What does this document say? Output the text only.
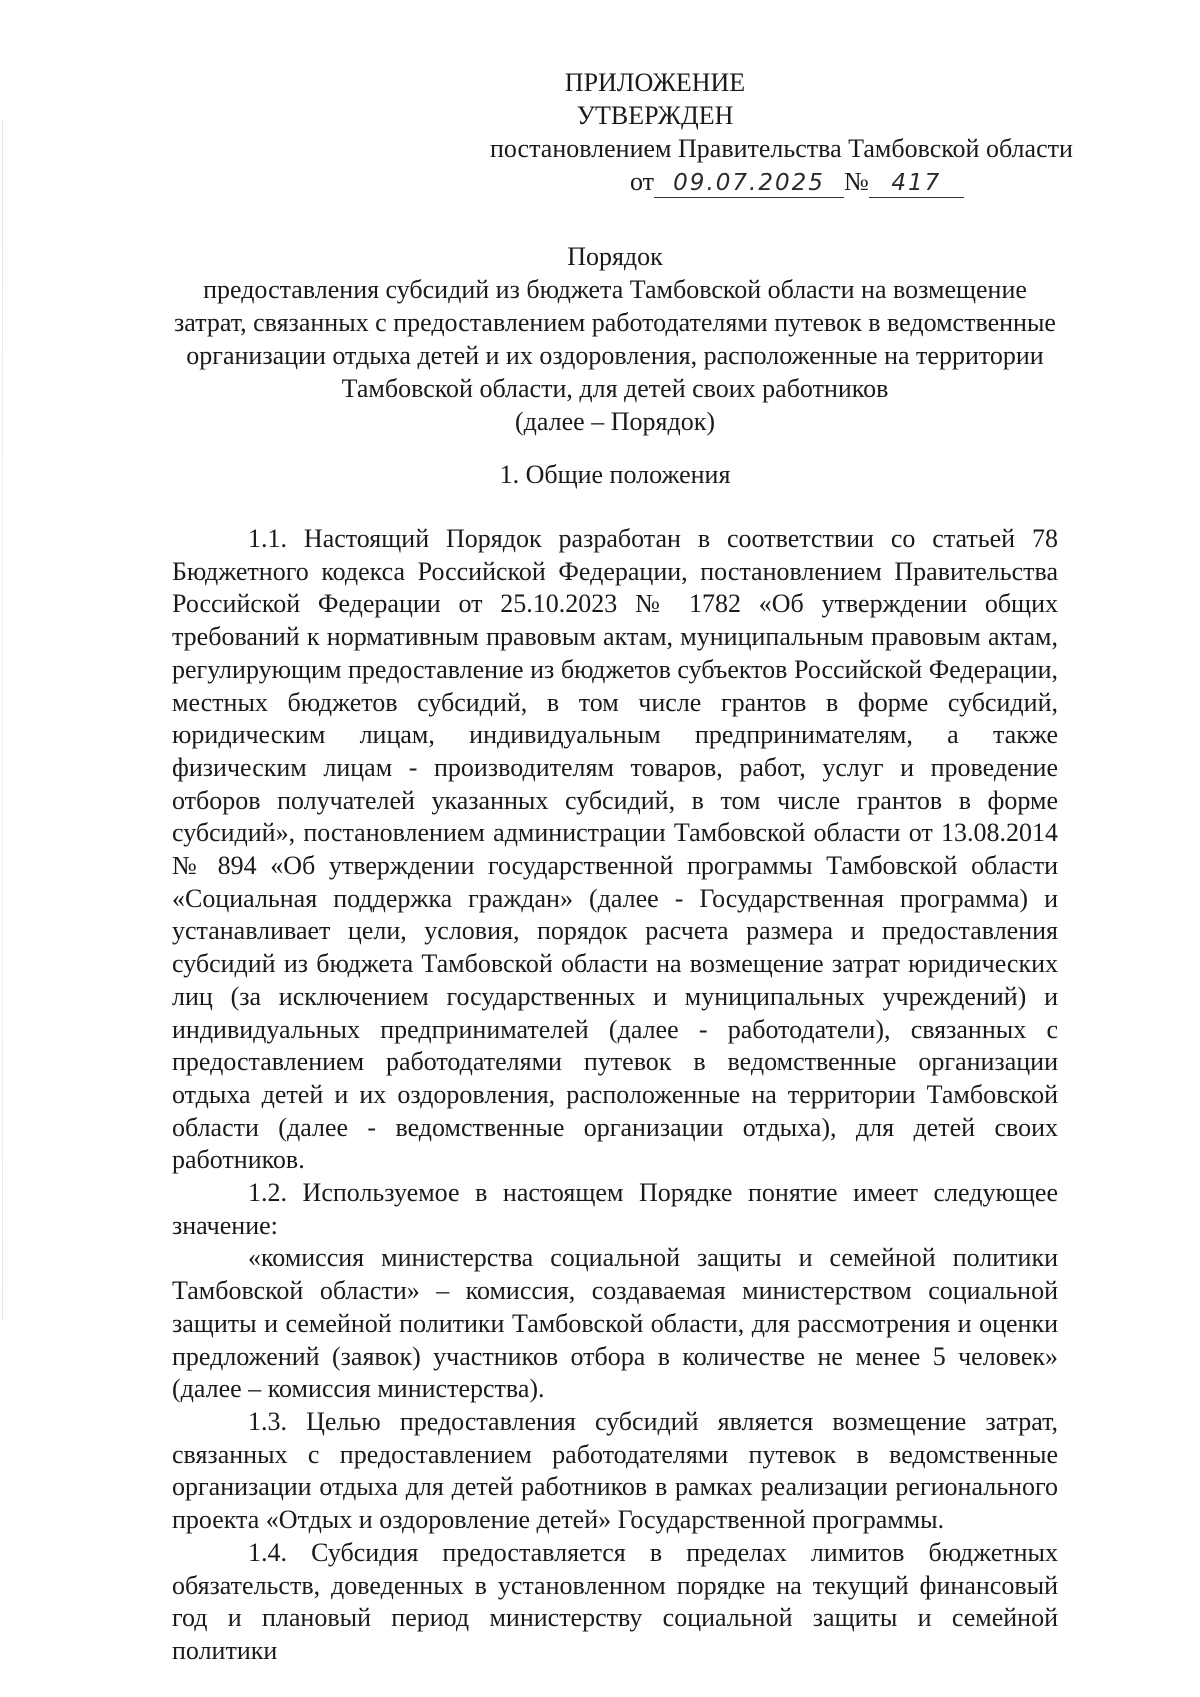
ПРИЛОЖЕНИЕ
УТВЕРЖДЕН
постановлением Правительства Тамбовской области
от 09.07.2025 № 417
Порядок
предоставления субсидий из бюджета Тамбовской области на возмещение
затрат, связанных с предоставлением работодателями путевок в ведомственные
организации отдыха детей и их оздоровления, расположенные на территории
Тамбовской области, для детей своих работников
(далее – Порядок)
1. Общие положения

1.1. Настоящий Порядок разработан в соответствии со статьей 78 Бюджетного кодекса Российской Федерации, постановлением Правительства Российской Федерации от 25.10.2023 № 1782 «Об утверждении общих требований к нормативным правовым актам, муниципальным правовым актам, регулирующим предоставление из бюджетов субъектов Российской Федерации, местных бюджетов субсидий, в том числе грантов в форме субсидий, юридическим лицам, индивидуальным предпринимателям, а также физическим лицам - производителям товаров, работ, услуг и проведение отборов получателей указанных субсидий, в том числе грантов в форме субсидий», постановлением администрации Тамбовской области от 13.08.2014 № 894 «Об утверждении государственной программы Тамбовской области «Социальная поддержка граждан» (далее - Государственная программа) и устанавливает цели, условия, порядок расчета размера и предоставления субсидий из бюджета Тамбовской области на возмещение затрат юридических лиц (за исключением государственных и муниципальных учреждений) и индивидуальных предпринимателей (далее - работодатели), связанных с предоставлением работодателями путевок в ведомственные организации отдыха детей и их оздоровления, расположенные на территории Тамбовской области (далее - ведомственные организации отдыха), для детей своих работников.

1.2. Используемое в настоящем Порядке понятие имеет следующее значение:

«комиссия министерства социальной защиты и семейной политики Тамбовской области» – комиссия, создаваемая министерством социальной защиты и семейной политики Тамбовской области, для рассмотрения и оценки предложений (заявок) участников отбора в количестве не менее 5 человек» (далее – комиссия министерства).

1.3. Целью предоставления субсидий является возмещение затрат, связанных с предоставлением работодателями путевок в ведомственные организации отдыха для детей работников в рамках реализации регионального проекта «Отдых и оздоровление детей» Государственной программы.

1.4. Субсидия предоставляется в пределах лимитов бюджетных обязательств, доведенных в установленном порядке на текущий финансовый год и плановый период министерству социальной защиты и семейной политики
